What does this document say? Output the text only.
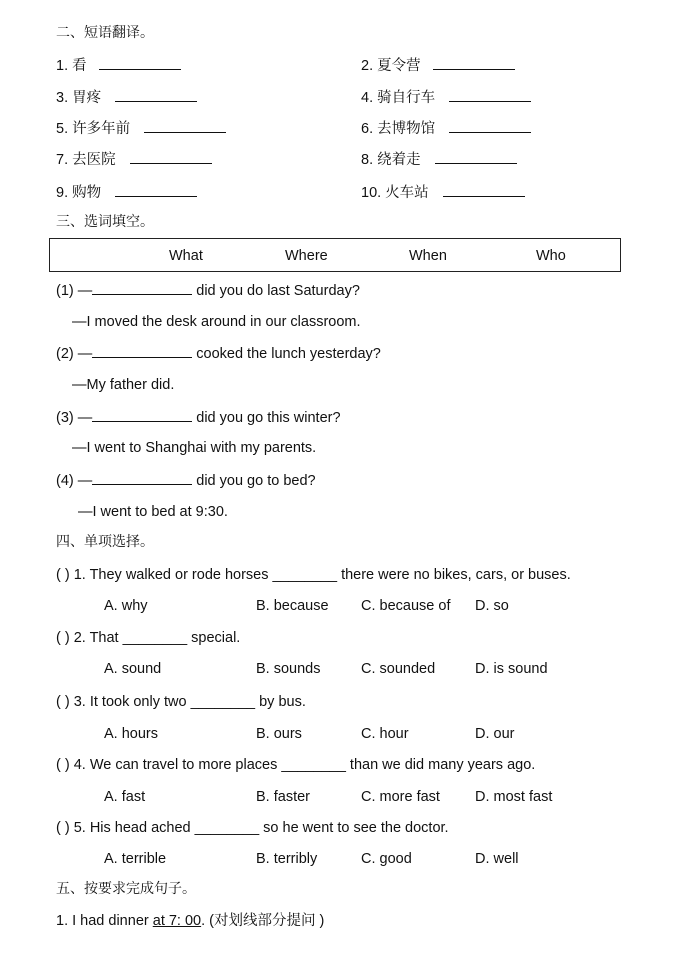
二、短语翻译。
1. 看	2. 夏令营
3. 胃疼	4. 骑自行车
5. 许多年前	6. 去博物馆
7. 去医院	8. 绕着走
9. 购物	10. 火车站
三、选词填空。
What	Where	When	Who
(1) —	did you do last Saturday?
—I moved the desk around in our classroom.
(2) —	cooked the lunch yesterday?
—My father did.
(3) —	did you go this winter?
—I went to Shanghai with my parents.
(4) —	did you go to bed?
—I went to bed at 9:30.
四、单项选择。
( ) 1. They walked or rode horses ________ there were no bikes, cars, or buses.
A. why	B. because C. because of D. so
( ) 2. That ________ special.
A. sound	B. sounds	C. sounded	D. is sound
( ) 3. It took only two ________ by bus.
A. hours	B. ours	C. hour	D. our
( ) 4. We can travel to more places ________ than we did many years ago.
A. fast	B. faster	C. more fast D. most fast
( ) 5. His head ached ________ so he went to see the doctor.
A. terrible	B. terribly	C. good	D. well
五、按要求完成句子。
1. I had dinner at 7: 00. (对划线部分提问 )
